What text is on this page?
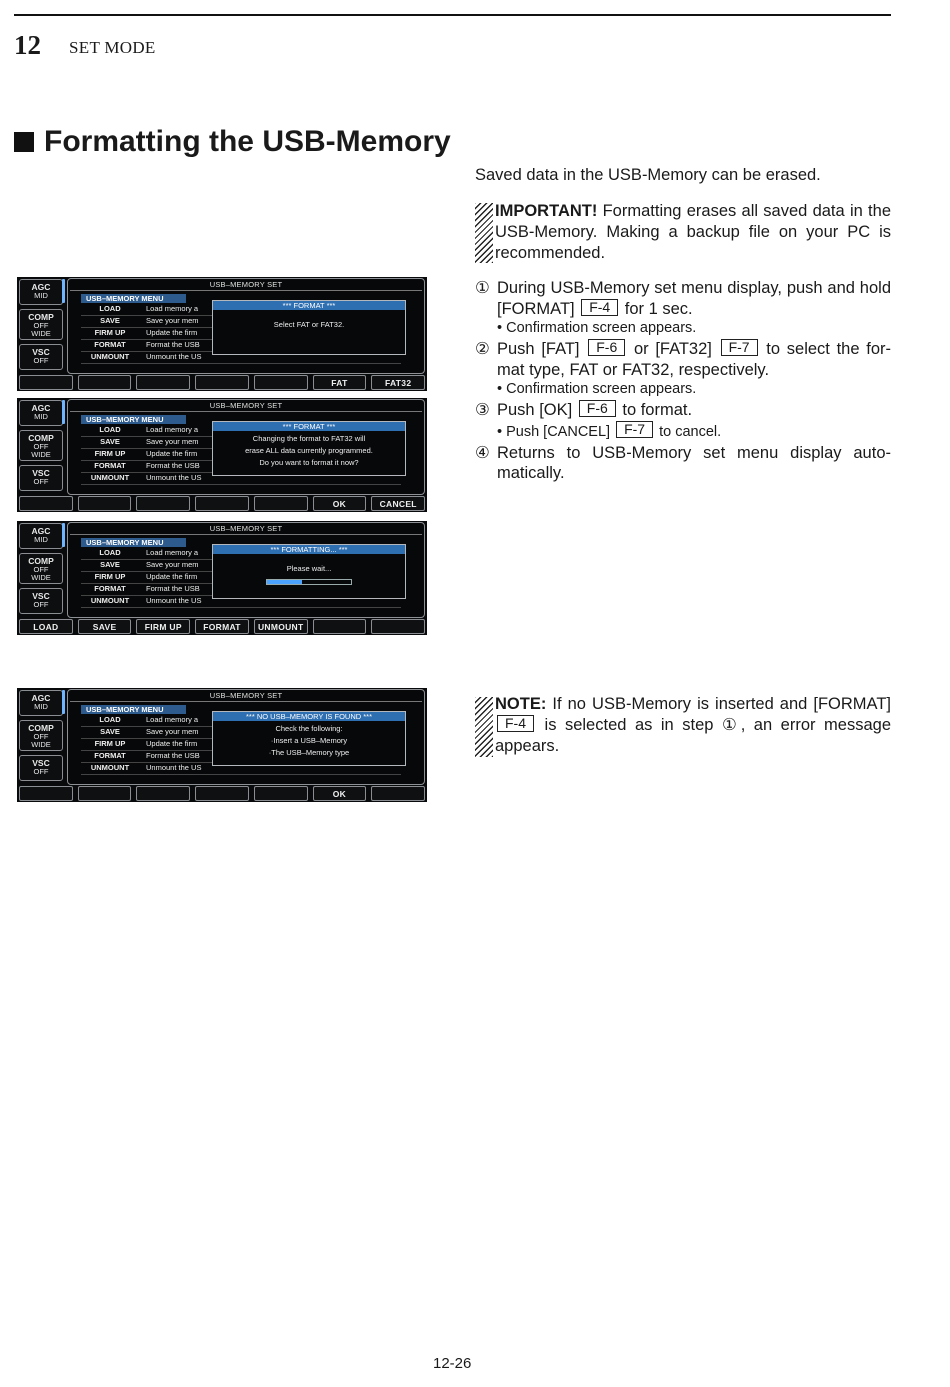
12 SET MODE
Formatting the USB-Memory
Saved data in the USB-Memory can be erased.
IMPORTANT! Formatting erases all saved data in the USB-Memory. Making a backup file on your PC is recommended.
① During USB-Memory set menu display, push and hold [FORMAT] F-4 for 1 sec.
• Confirmation screen appears.
② Push [FAT] F-6 or [FAT32] F-7 to select the format type, FAT or FAT32, respectively.
• Confirmation screen appears.
③ Push [OK] F-6 to format.
• Push [CANCEL] F-7 to cancel.
④ Returns to USB-Memory set menu display automatically.
NOTE: If no USB-Memory is inserted and [FORMAT] F-4 is selected as in step ①, an error message appears.
12-26
AGC
MID
COMP
OFF
WIDE
VSC
OFF
USB–MEMORY SET
USB–MEMORY MENU
LOAD	Load memory a
SAVE	Save your mem
FIRM UP	Update the firm
FORMAT	Format the USB
UNMOUNT	Unmount the US
*** FORMAT ***
Select FAT or FAT32.
FAT	FAT32
AGC
MID
COMP
OFF
WIDE
VSC
OFF
USB–MEMORY SET
USB–MEMORY MENU
LOAD	Load memory a
SAVE	Save your mem
FIRM UP	Update the firm
FORMAT	Format the USB
UNMOUNT	Unmount the US
*** FORMAT ***
Changing the format to FAT32 will
erase ALL data currently programmed.
Do you want to format it now?
OK	CANCEL
AGC
MID
COMP
OFF
WIDE
VSC
OFF
USB–MEMORY SET
USB–MEMORY MENU
LOAD	Load memory a
SAVE	Save your mem
FIRM UP	Update the firm
FORMAT	Format the USB
UNMOUNT	Unmount the US
*** FORMATTING... ***
Please wait...
LOAD	SAVE	FIRM UP	FORMAT	UNMOUNT
AGC
MID
COMP
OFF
WIDE
VSC
OFF
USB–MEMORY SET
USB–MEMORY MENU
LOAD	Load memory a
SAVE	Save your mem
FIRM UP	Update the firm
FORMAT	Format the USB
UNMOUNT	Unmount the US
*** NO USB–MEMORY IS FOUND ***
Check the following:
·Insert a USB–Memory
·The USB–Memory type
OK
